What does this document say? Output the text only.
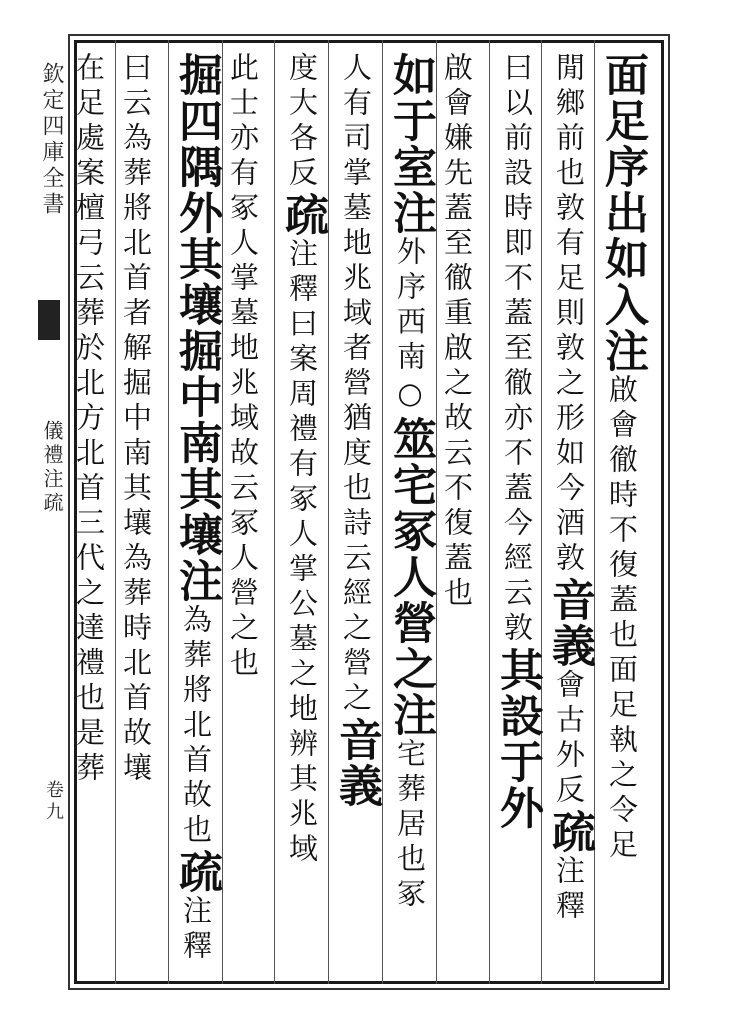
欽定四庫全書
儀禮注疏
卷九
面足序出如入注啟會徹時不復蓋也面足執之令足
閒鄉前也敦有足則敦之形如今酒敦音義會古外反疏注釋
曰以前設時即不蓋至徹亦不蓋今經云敦其設于外
啟會嫌先蓋至徹重啟之故云不復蓋也
如于室注外序西南○筮宅冢人營之注宅葬居也冢
人有司掌墓地兆域者營猶度也詩云經之營之音義
度大各反疏注釋曰案周禮有冢人掌公墓之地辨其兆域
此士亦有冢人掌墓地兆域故云冢人營之也
掘四隅外其壤掘中南其壤注為葬將北首故也疏注釋
曰云為葬將北首者解掘中南其壤為葬時北首故壤
在足處案檀弓云葬於北方北首三代之達禮也是葬
